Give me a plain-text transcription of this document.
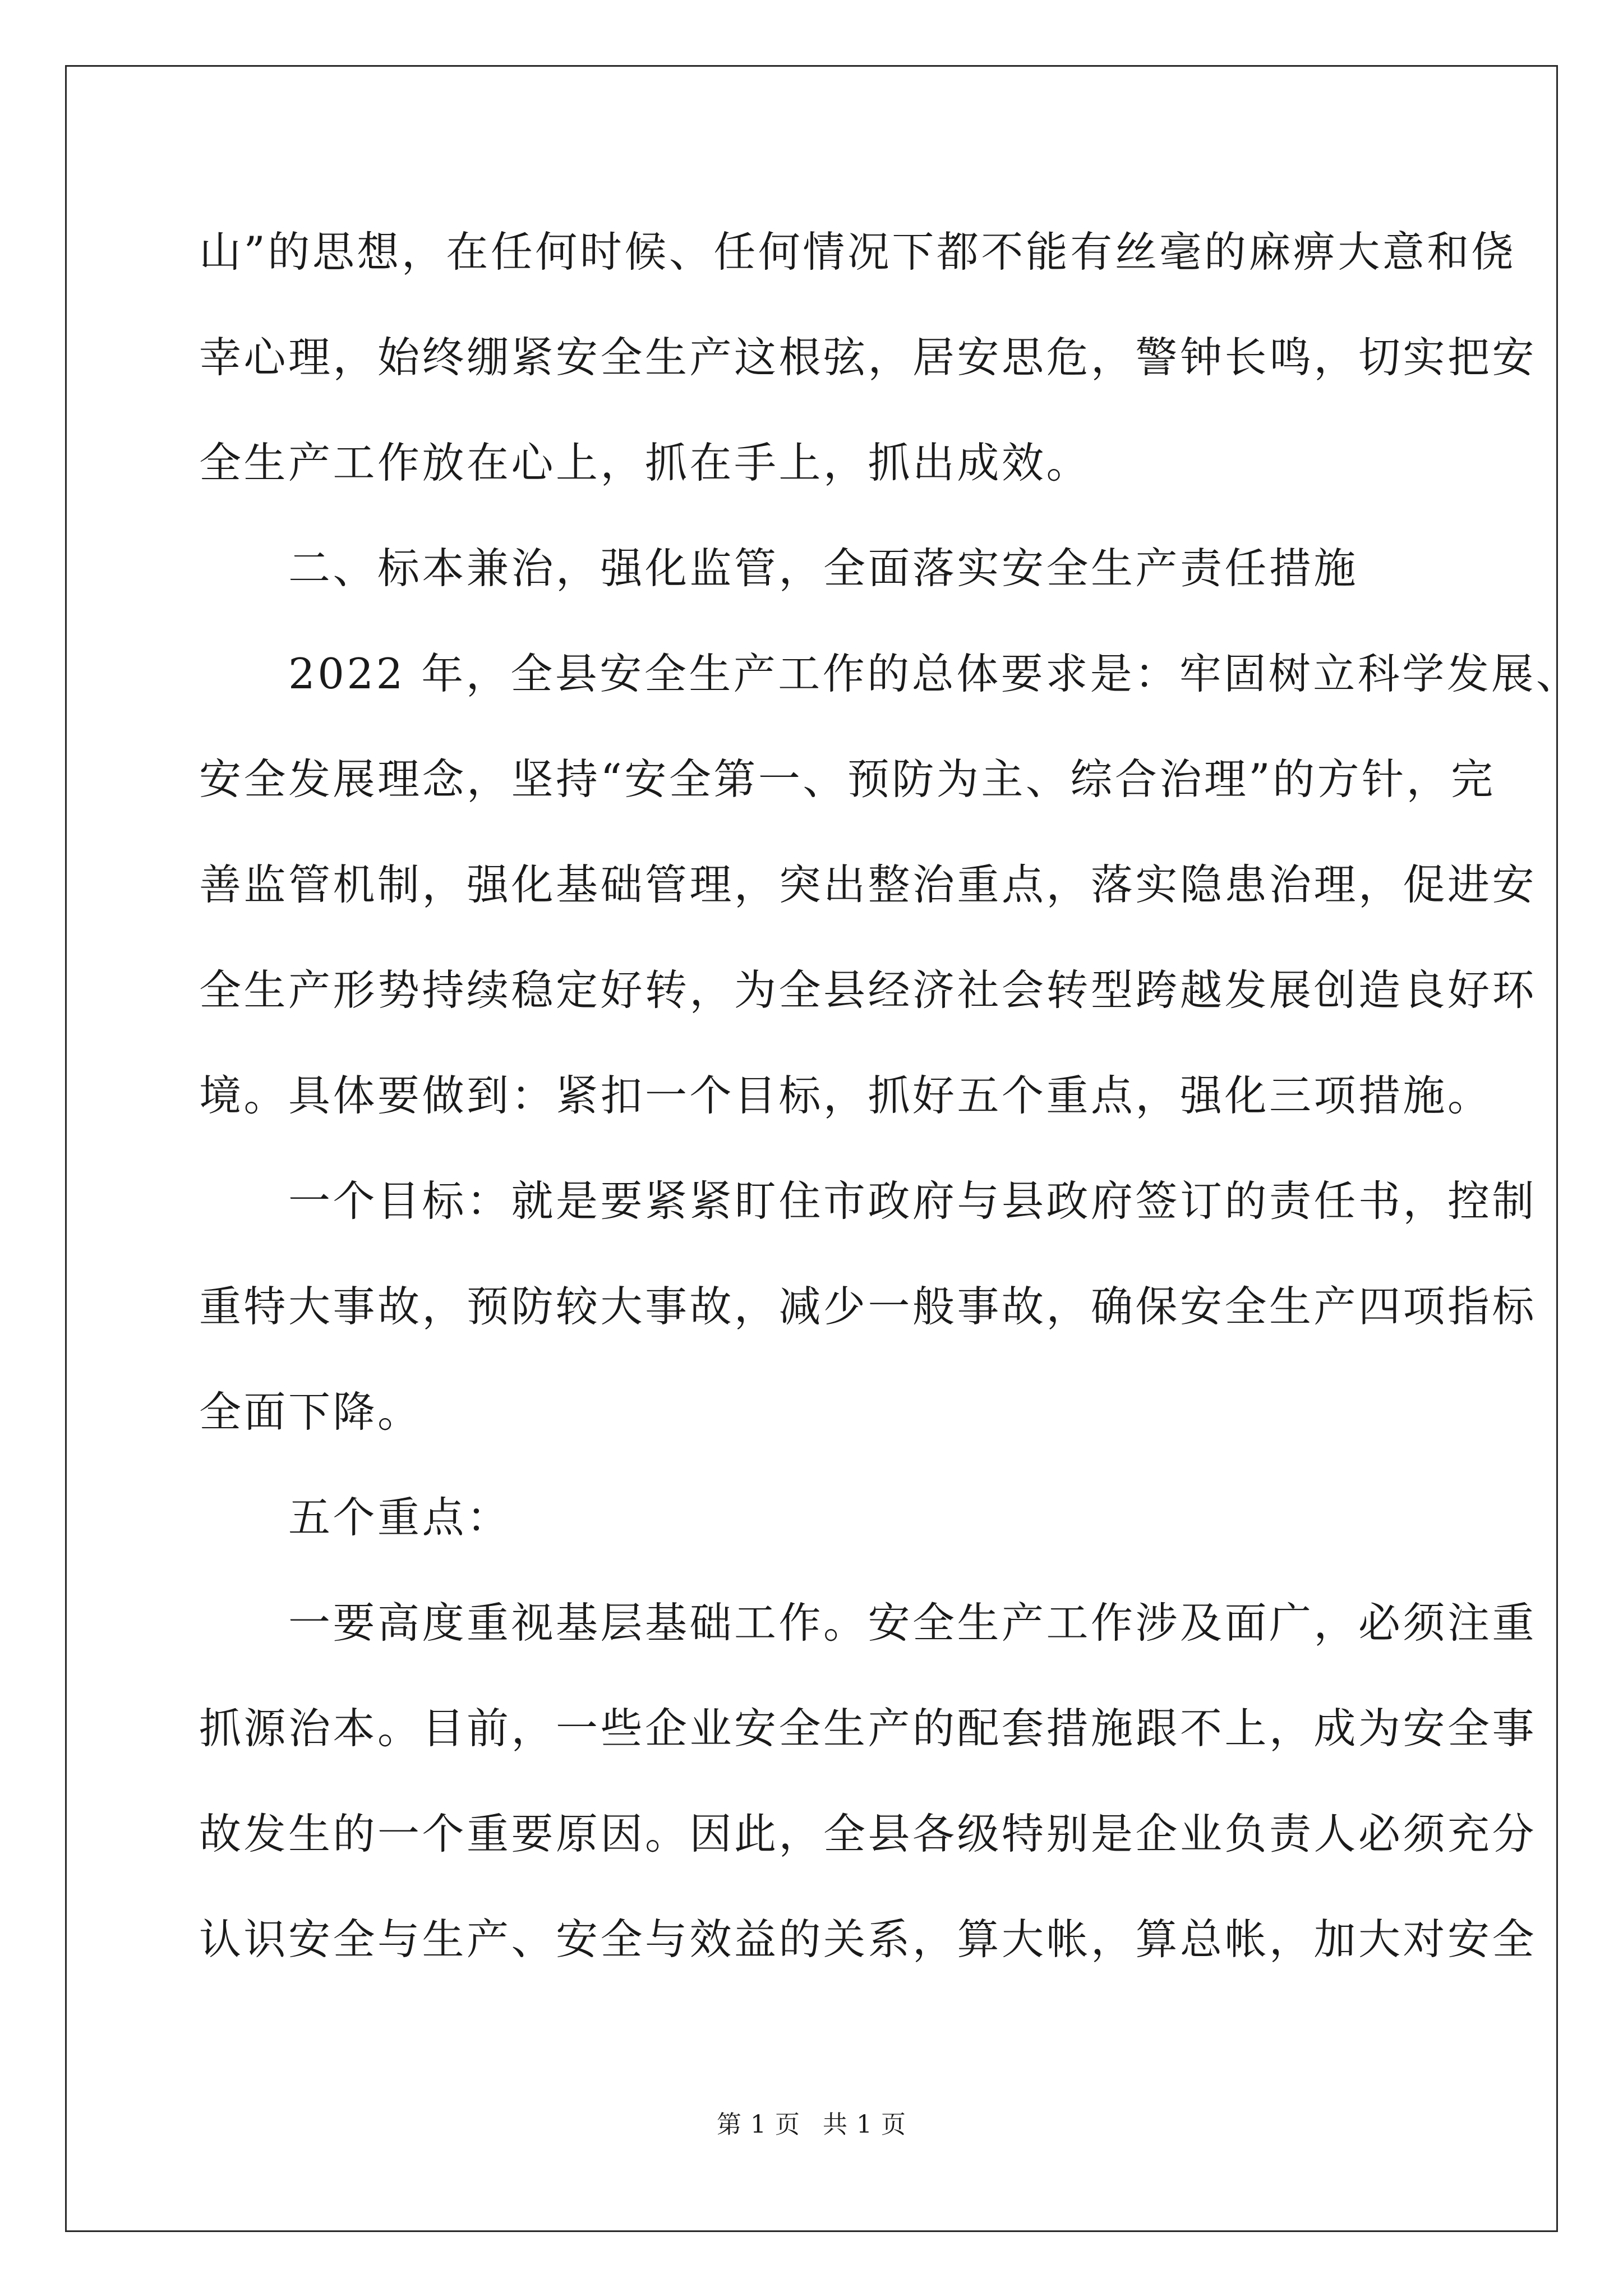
山”的思想，在任何时候、任何情况下都不能有丝毫的麻痹大意和侥
幸心理，始终绷紧安全生产这根弦，居安思危，警钟长鸣，切实把安
全生产工作放在心上，抓在手上，抓出成效。
　　二、标本兼治，强化监管，全面落实安全生产责任措施
　　2022 年，全县安全生产工作的总体要求是：牢固树立科学发展、
安全发展理念，坚持“安全第一、预防为主、综合治理”的方针，完
善监管机制，强化基础管理，突出整治重点，落实隐患治理，促进安
全生产形势持续稳定好转，为全县经济社会转型跨越发展创造良好环
境。具体要做到：紧扣一个目标，抓好五个重点，强化三项措施。
　　一个目标：就是要紧紧盯住市政府与县政府签订的责任书，控制
重特大事故，预防较大事故，减少一般事故，确保安全生产四项指标
全面下降。
　　五个重点：
　　一要高度重视基层基础工作。安全生产工作涉及面广，必须注重
抓源治本。目前，一些企业安全生产的配套措施跟不上，成为安全事
故发生的一个重要原因。因此，全县各级特别是企业负责人必须充分
认识安全与生产、安全与效益的关系，算大帐，算总帐，加大对安全
第 1 页 共 1 页
